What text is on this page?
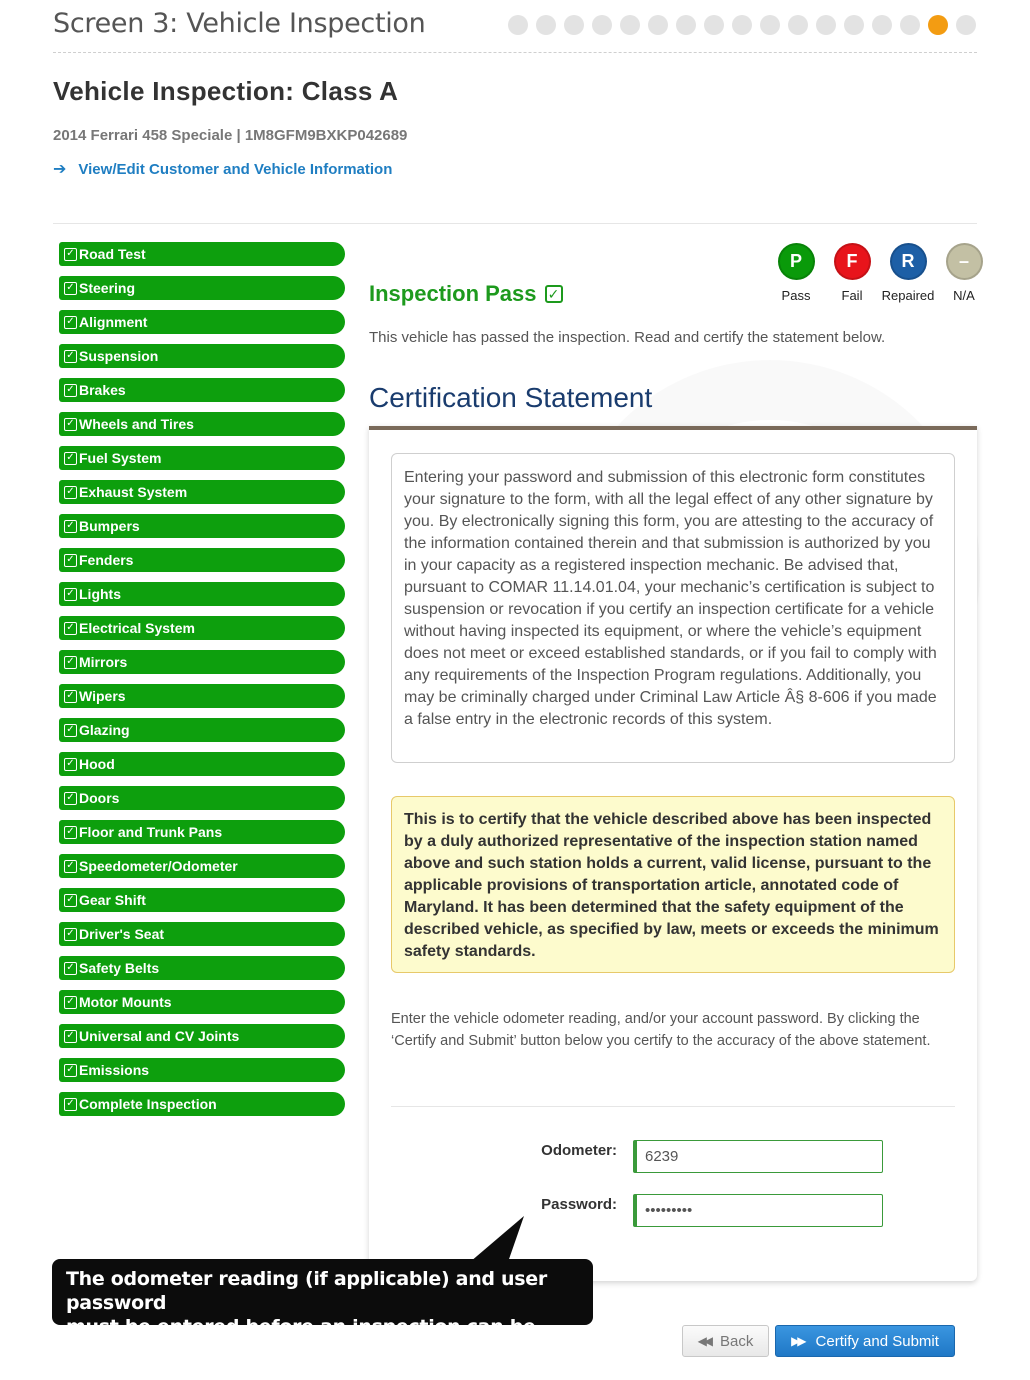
Screen 3: Vehicle Inspection
Vehicle Inspection: Class A
2014 Ferrari 458 Speciale | 1M8GFM9BXKP042689
➔ View/Edit Customer and Vehicle Information
✓ Road Test
✓ Steering
✓ Alignment
✓ Suspension
✓ Brakes
✓ Wheels and Tires
✓ Fuel System
✓ Exhaust System
✓ Bumpers
✓ Fenders
✓ Lights
✓ Electrical System
✓ Mirrors
✓ Wipers
✓ Glazing
✓ Hood
✓ Doors
✓ Floor and Trunk Pans
✓ Speedometer/Odometer
✓ Gear Shift
✓ Driver's Seat
✓ Safety Belts
✓ Motor Mounts
✓ Universal and CV Joints
✓ Emissions
✓ Complete Inspection
P
Pass
F
Fail
R
Repaired
–
N/A
Inspection Pass ✓
This vehicle has passed the inspection. Read and certify the statement below.
Certification Statement
Entering your password and submission of this electronic form constitutes your signature to the form, with all the legal effect of any other signature by you. By electronically signing this form, you are attesting to the accuracy of the information contained therein and that submission is authorized by you in your capacity as a registered inspection mechanic. Be advised that, pursuant to COMAR 11.14.01.04, your mechanic’s certification is subject to suspension or revocation if you certify an inspection certificate for a vehicle without having inspected its equipment, or where the vehicle’s equipment does not meet or exceed established standards, or if you fail to comply with any requirements of the Inspection Program regulations. Additionally, you may be criminally charged under Criminal Law Article Â§ 8-606 if you made a false entry in the electronic records of this system.
This is to certify that the vehicle described above has been inspected by a duly authorized representative of the inspection station named above and such station holds a current, valid license, pursuant to the applicable provisions of transportation article, annotated code of Maryland. It has been determined that the safety equipment of the described vehicle, as specified by law, meets or exceeds the minimum safety standards.
Enter the vehicle odometer reading, and/or your account password. By clicking the ‘Certify and Submit’ button below you certify to the accuracy of the above statement.
Odometer:
6239
Password:
The odometer reading (if applicable) and user password
must be entered before an inspection can be passed.	◀◀ Back	▶▶ Certify and Submit
